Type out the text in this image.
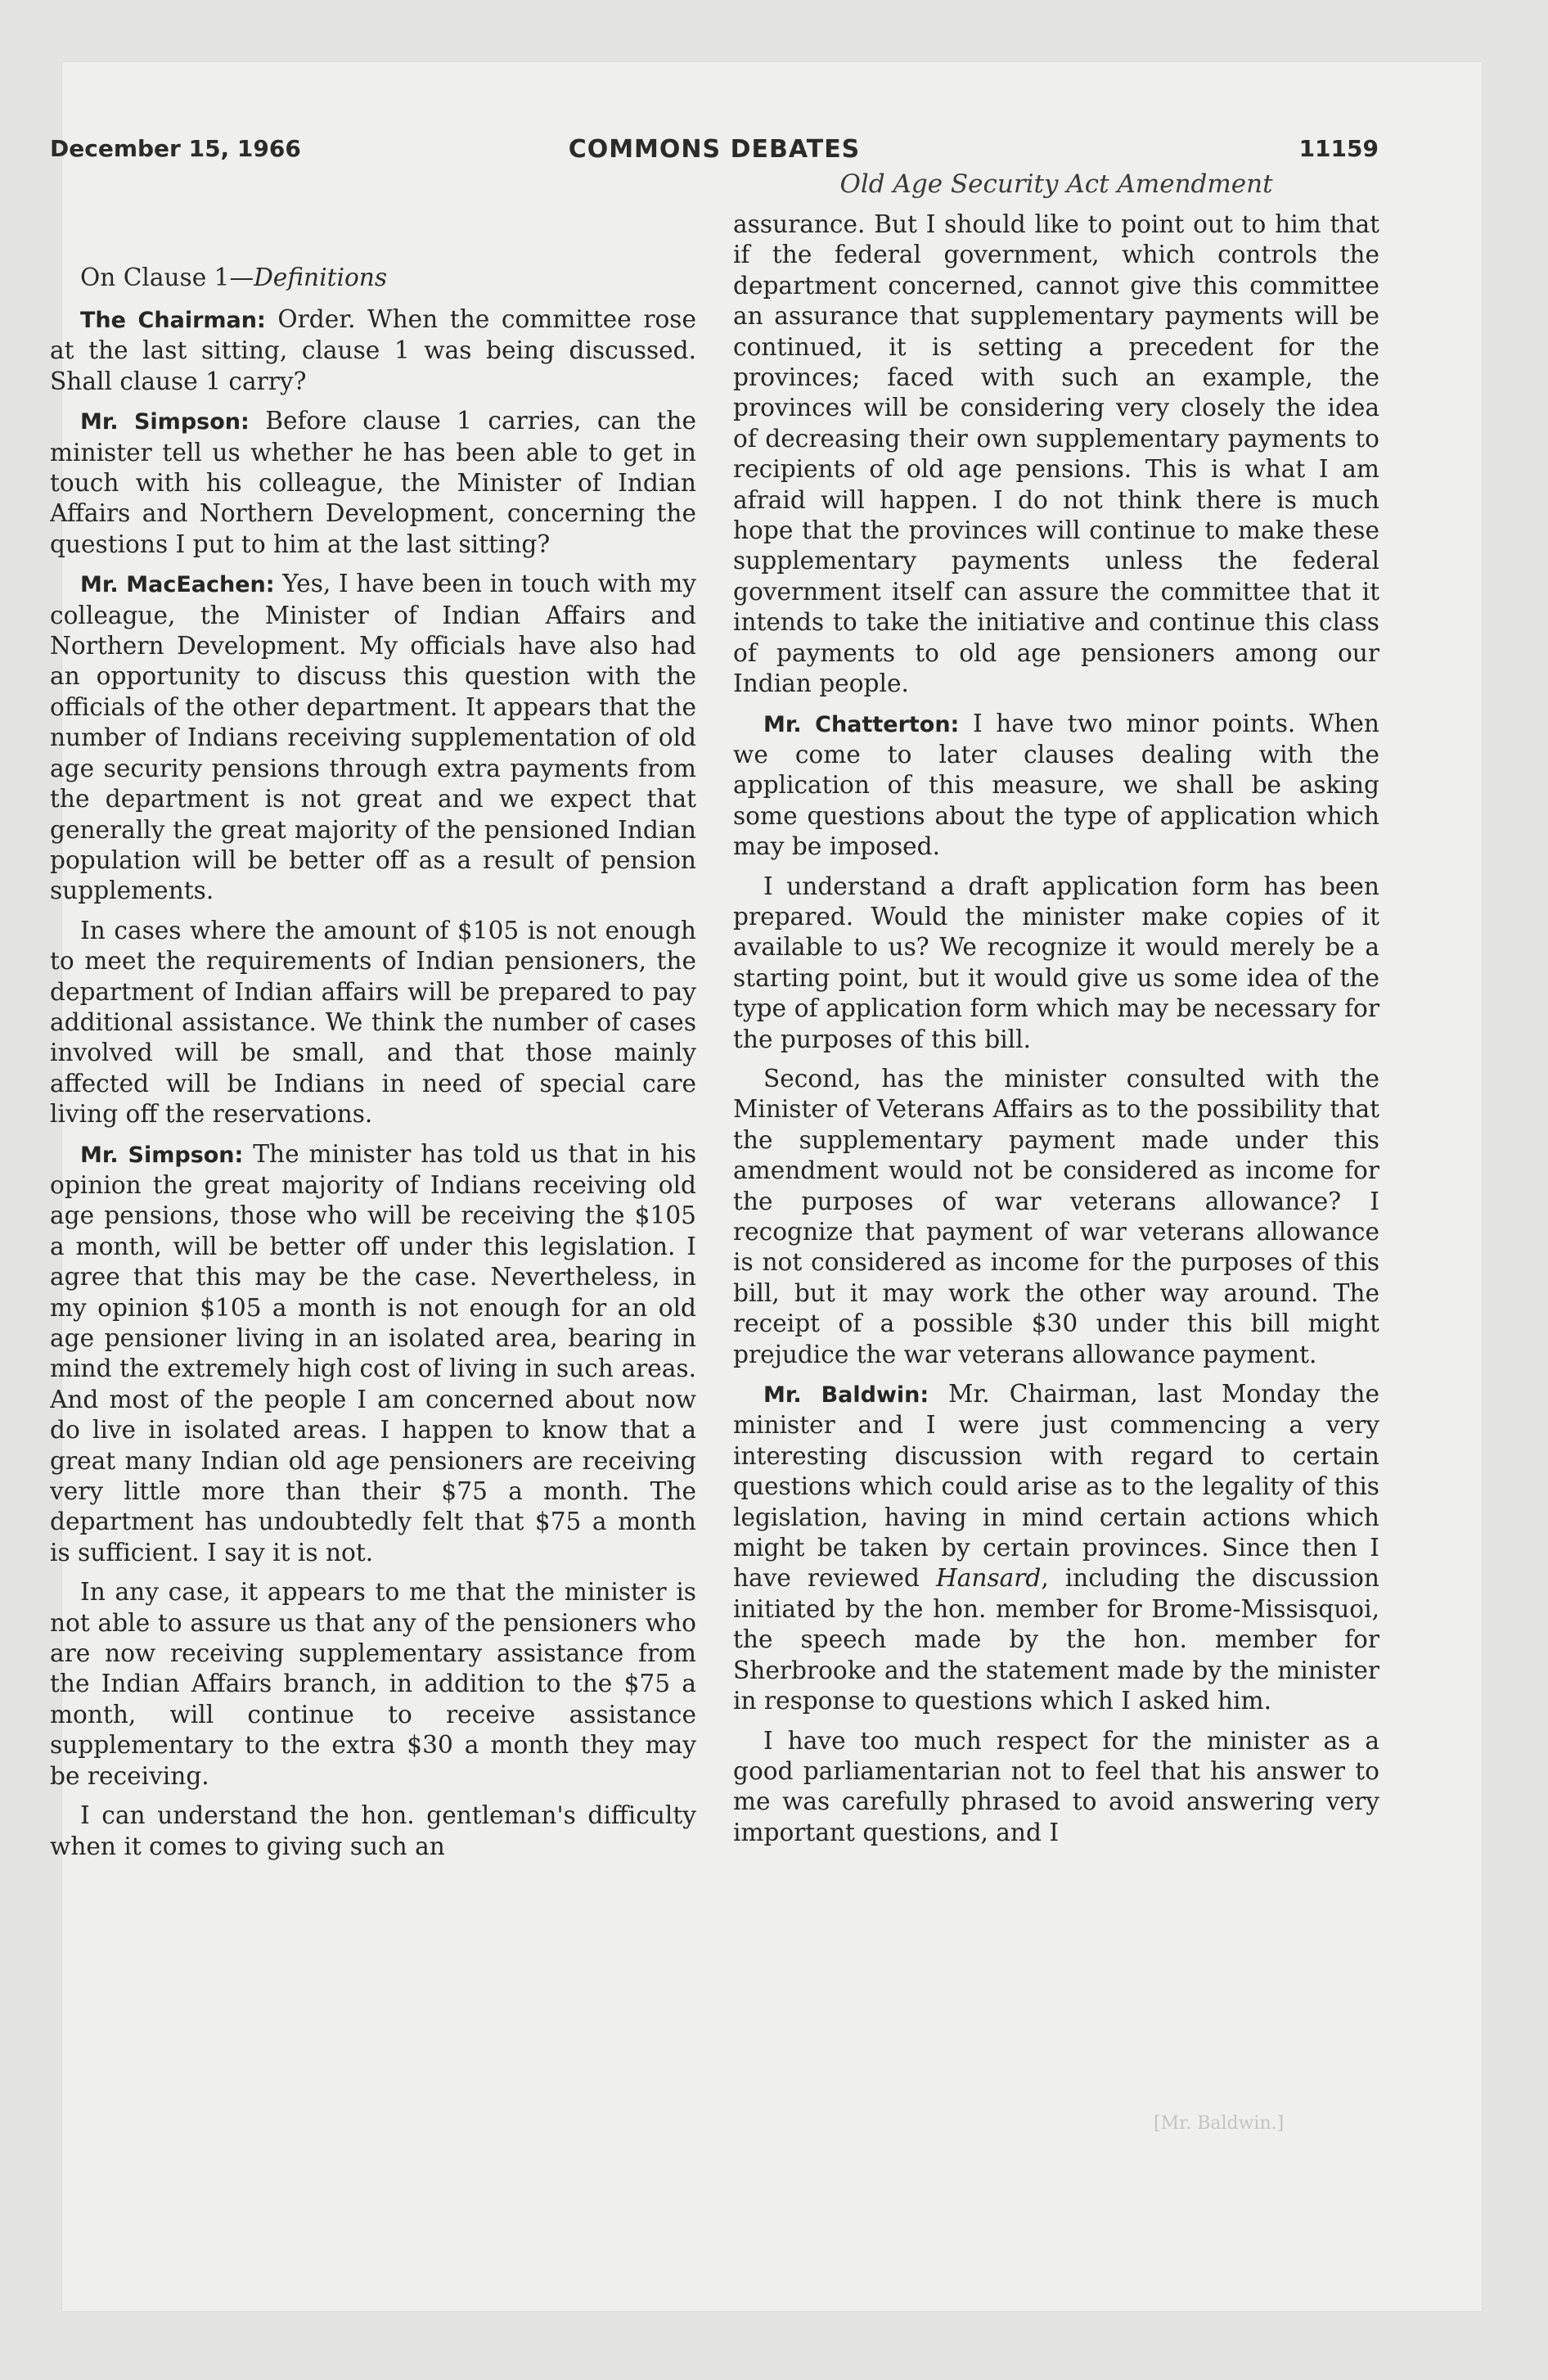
December 15, 1966	COMMONS DEBATES	11159
Old Age Security Act Amendment
On Clause 1—Definitions

The Chairman: Order. When the committee rose at the last sitting, clause 1 was being discussed. Shall clause 1 carry?

Mr. Simpson: Before clause 1 carries, can the minister tell us whether he has been able to get in touch with his colleague, the Minister of Indian Affairs and Northern Development, concerning the questions I put to him at the last sitting?

Mr. MacEachen: Yes, I have been in touch with my colleague, the Minister of Indian Affairs and Northern Development. My officials have also had an opportunity to discuss this question with the officials of the other department. It appears that the number of Indians receiving supplementation of old age security pensions through extra payments from the department is not great and we expect that generally the great majority of the pensioned Indian population will be better off as a result of pension supplements.

In cases where the amount of $105 is not enough to meet the requirements of Indian pensioners, the department of Indian affairs will be prepared to pay additional assistance. We think the number of cases involved will be small, and that those mainly affected will be Indians in need of special care living off the reservations.

Mr. Simpson: The minister has told us that in his opinion the great majority of Indians receiving old age pensions, those who will be receiving the $105 a month, will be better off under this legislation. I agree that this may be the case. Nevertheless, in my opinion $105 a month is not enough for an old age pensioner living in an isolated area, bearing in mind the extremely high cost of living in such areas. And most of the people I am concerned about now do live in isolated areas. I happen to know that a great many Indian old age pensioners are receiving very little more than their $75 a month. The department has undoubtedly felt that $75 a month is sufficient. I say it is not.

In any case, it appears to me that the minister is not able to assure us that any of the pensioners who are now receiving supplementary assistance from the Indian Affairs branch, in addition to the $75 a month, will continue to receive assistance supplementary to the extra $30 a month they may be receiving.

I can understand the hon. gentleman's difficulty when it comes to giving such an

assurance. But I should like to point out to him that if the federal government, which controls the department concerned, cannot give this committee an assurance that supplementary payments will be continued, it is setting a precedent for the provinces; faced with such an example, the provinces will be considering very closely the idea of decreasing their own supplementary payments to recipients of old age pensions. This is what I am afraid will happen. I do not think there is much hope that the provinces will continue to make these supplementary payments unless the federal government itself can assure the committee that it intends to take the initiative and continue this class of payments to old age pensioners among our Indian people.

Mr. Chatterton: I have two minor points. When we come to later clauses dealing with the application of this measure, we shall be asking some questions about the type of application which may be imposed.

I understand a draft application form has been prepared. Would the minister make copies of it available to us? We recognize it would merely be a starting point, but it would give us some idea of the type of application form which may be necessary for the purposes of this bill.

Second, has the minister consulted with the Minister of Veterans Affairs as to the possibility that the supplementary payment made under this amendment would not be considered as income for the purposes of war veterans allowance? I recognize that payment of war veterans allowance is not considered as income for the purposes of this bill, but it may work the other way around. The receipt of a possible $30 under this bill might prejudice the war veterans allowance payment.

Mr. Baldwin: Mr. Chairman, last Monday the minister and I were just commencing a very interesting discussion with regard to certain questions which could arise as to the legality of this legislation, having in mind certain actions which might be taken by certain provinces. Since then I have reviewed Hansard, including the discussion initiated by the hon. member for Brome-Missisquoi, the speech made by the hon. member for Sherbrooke and the statement made by the minister in response to questions which I asked him.

I have too much respect for the minister as a good parliamentarian not to feel that his answer to me was carefully phrased to avoid answering very important questions, and I

[Mr. Baldwin.]
